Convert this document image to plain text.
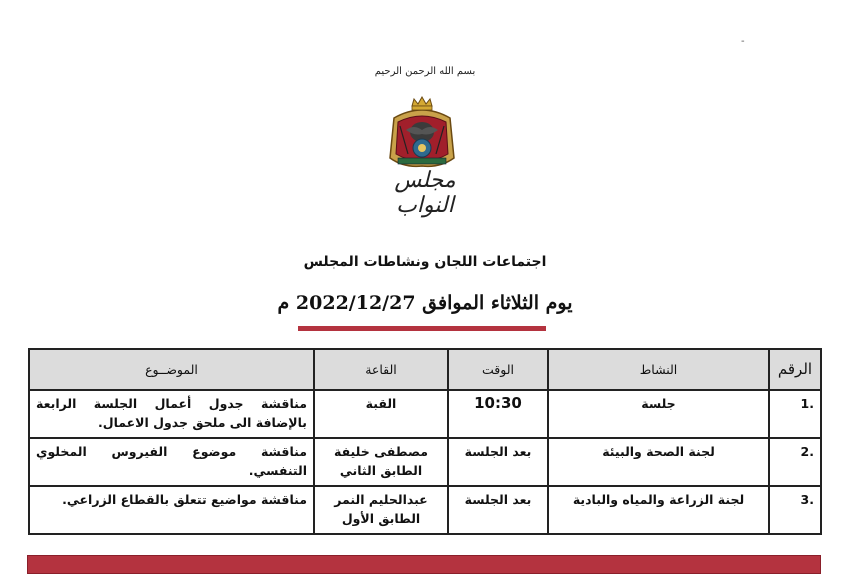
-
بسم الله الرحمن الرحيم
مجلس النواب
اجتماعات اللجان ونشاطات المجلس
يوم الثلاثاء الموافق 2022/12/27 م
الرقم	النشاط	الوقت	القاعة	الموضــوع
.1	جلسة	10:30	القبة	مناقشة جدول أعمال الجلسة الرابعة بالإضافة الى ملحق جدول الاعمال.
.2	لجنة الصحة والبيئة	بعد الجلسة	مصطفى خليفة الطابق الثاني	مناقشة موضوع الفيروس المخلوي التنفسي.
.3	لجنة الزراعة والمياه والبادية	بعد الجلسة	عبدالحليم النمر الطابق الأول	مناقشة مواضيع تتعلق بالقطاع الزراعي.
